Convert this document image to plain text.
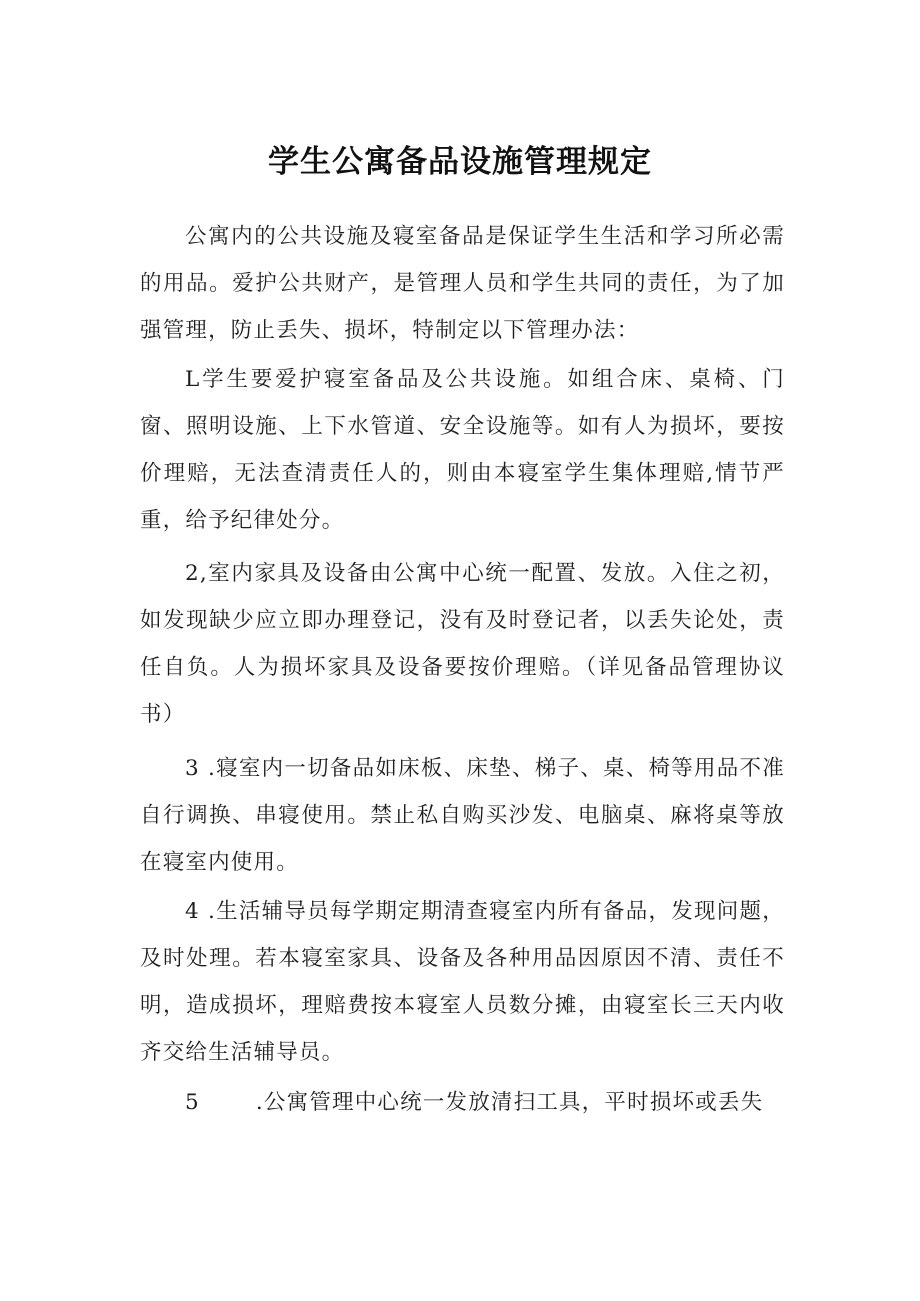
学生公寓备品设施管理规定

公寓内的公共设施及寝室备品是保证学生生活和学习所必需的用品。爱护公共财产，是管理人员和学生共同的责任，为了加强管理，防止丢失、损坏，特制定以下管理办法：

L学生要爱护寝室备品及公共设施。如组合床、桌椅、门窗、照明设施、上下水管道、安全设施等。如有人为损坏，要按价理赔，无法查清责任人的，则由本寝室学生集体理赔,情节严重，给予纪律处分。

2,室内家具及设备由公寓中心统一配置、发放。入住之初，如发现缺少应立即办理登记，没有及时登记者，以丢失论处，责任自负。人为损坏家具及设备要按价理赔。（详见备品管理协议书）

3 .寝室内一切备品如床板、床垫、梯子、桌、椅等用品不准自行调换、串寝使用。禁止私自购买沙发、电脑桌、麻将桌等放在寝室内使用。

4 .生活辅导员每学期定期清查寝室内所有备品，发现问题，及时处理。若本寝室家具、设备及各种用品因原因不清、责任不明，造成损坏，理赔费按本寝室人员数分摊，由寝室长三天内收齐交给生活辅导员。

5	.公寓管理中心统一发放清扫工具，平时损坏或丢失
